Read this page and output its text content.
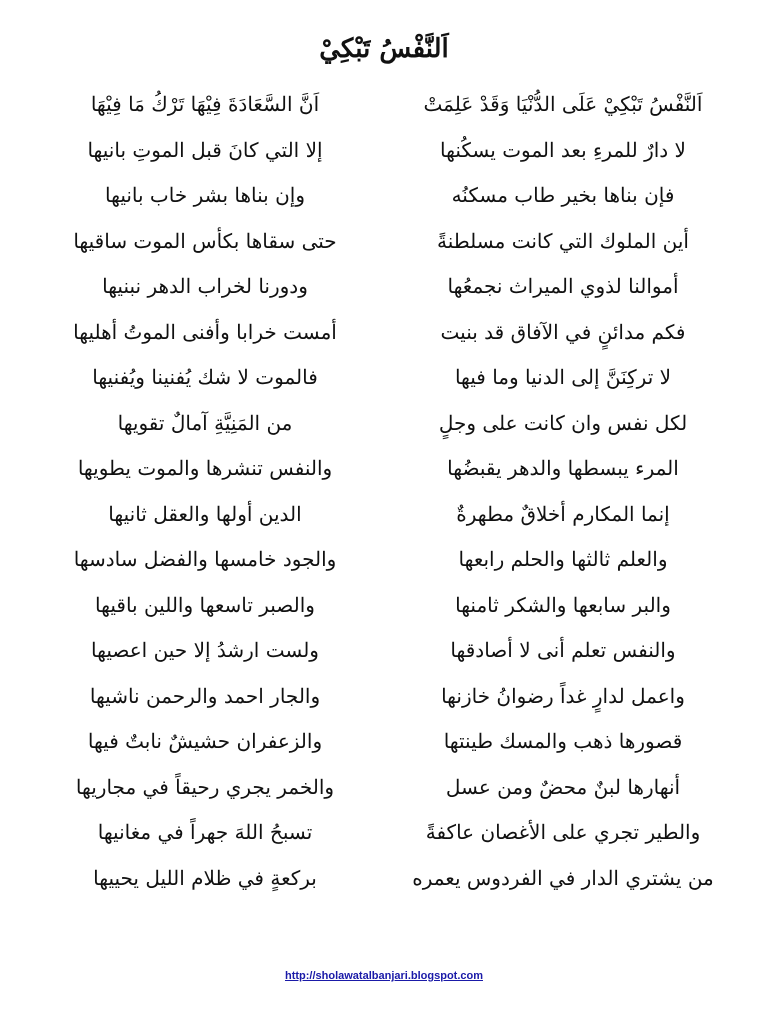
اَلنَّفْسُ تَبْكِيْ
اَلنَّفْسُ تَبْكِيْ عَلَى الدُّنْيَا وَقَدْ عَلِمَتْ
اَنَّ السَّعَادَةَ فِيْهَا تَرْكُ مَا فِيْهَا
لا دارٌ للمرءِ بعد الموت يسكُنها
إلا التي كانَ قبل الموتِ بانيها
فإن بناها بخير طاب مسكنُه
وإن بناها بشر خاب بانيها
أين الملوك التي كانت مسلطنةً
حتى سقاها بكأس الموت ساقيها
أموالنا لذوي الميراث نجمعُها
ودورنا لخراب الدهر نبنيها
فكم مدائنٍ في الآفاق قد بنيت
أمست خرابا وأفنى الموتُ أهليها
لا تركِنَنَّ إلى الدنيا وما فيها
فالموت لا شك يُفنينا ويُفنيها
لكل نفس وان كانت على وجلٍ
من المَنِيَّةِ آمالٌ تقويها
المرء يبسطها والدهر يقبضُها
والنفس تنشرها والموت يطويها
إنما المكارم أخلاقٌ مطهرةٌ
الدين أولها والعقل ثانيها
والعلم ثالثها والحلم رابعها
والجود خامسها والفضل سادسها
والبر سابعها والشكر ثامنها
والصبر تاسعها واللين باقيها
والنفس تعلم أنى لا أصادقها
ولست ارشدُ إلا حين اعصيها
واعمل لدارٍ غداً رضوانُ خازنها
والجار احمد والرحمن ناشيها
قصورها ذهب والمسك طينتها
والزعفران حشيشٌ نابتٌ فيها
أنهارها لبنٌ محضٌ ومن عسل
والخمر يجري رحيقاً في مجاريها
والطير تجري على الأغصان عاكفةً
تسبحُ اللهَ جهراً في مغانيها
من يشتري الدار في الفردوس يعمره
بركعةٍ في ظلام الليل يحييها
http://sholawatalbanjari.blogspot.com
